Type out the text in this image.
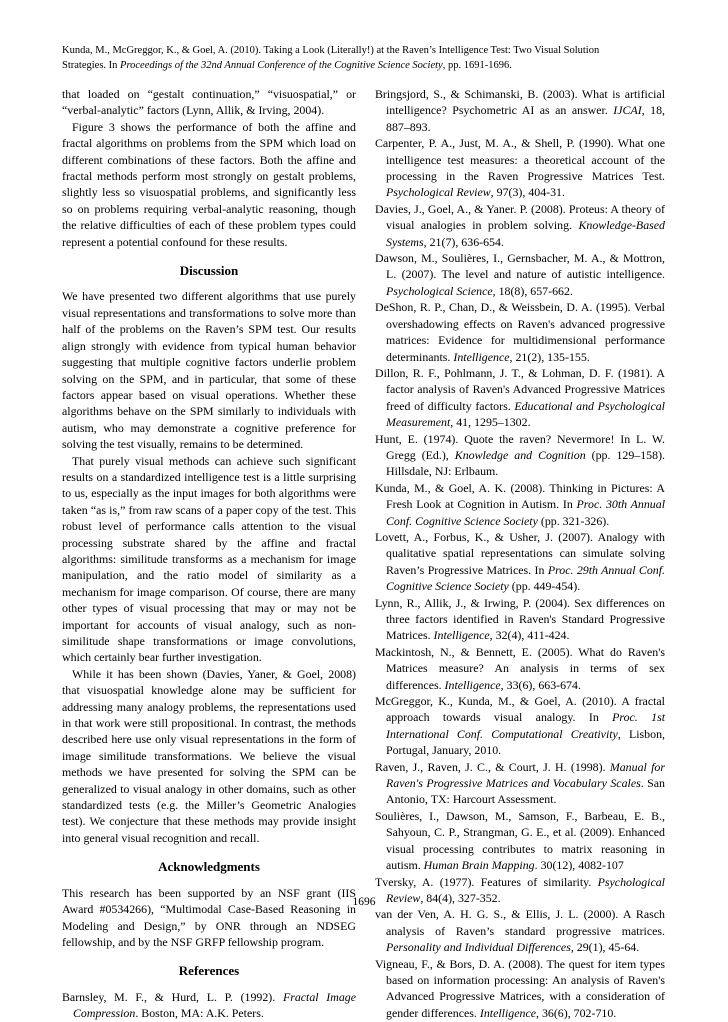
Kunda, M., McGreggor, K., & Goel, A. (2010). Taking a Look (Literally!) at the Raven’s Intelligence Test: Two Visual Solution
Strategies. In Proceedings of the 32nd Annual Conference of the Cognitive Science Society, pp. 1691-1696.

that loaded on “gestalt continuation,” “visuospatial,” or “verbal-analytic” factors (Lynn, Allik, & Irving, 2004).

Figure 3 shows the performance of both the affine and fractal algorithms on problems from the SPM which load on different combinations of these factors. Both the affine and fractal methods perform most strongly on gestalt problems, slightly less so visuospatial problems, and significantly less so on problems requiring verbal-analytic reasoning, though the relative difficulties of each of these problem types could represent a potential confound for these results.

Discussion

We have presented two different algorithms that use purely visual representations and transformations to solve more than half of the problems on the Raven’s SPM test. Our results align strongly with evidence from typical human behavior suggesting that multiple cognitive factors underlie problem solving on the SPM, and in particular, that some of these factors appear based on visual operations. Whether these algorithms behave on the SPM similarly to individuals with autism, who may demonstrate a cognitive preference for solving the test visually, remains to be determined.

That purely visual methods can achieve such significant results on a standardized intelligence test is a little surprising to us, especially as the input images for both algorithms were taken “as is,” from raw scans of a paper copy of the test. This robust level of performance calls attention to the visual processing substrate shared by the affine and fractal algorithms: similitude transforms as a mechanism for image manipulation, and the ratio model of similarity as a mechanism for image comparison. Of course, there are many other types of visual processing that may or may not be important for accounts of visual analogy, such as non-similitude shape transformations or image convolutions, which certainly bear further investigation.

While it has been shown (Davies, Yaner, & Goel, 2008) that visuospatial knowledge alone may be sufficient for addressing many analogy problems, the representations used in that work were still propositional. In contrast, the methods described here use only visual representations in the form of image similitude transformations. We believe the visual methods we have presented for solving the SPM can be generalized to visual analogy in other domains, such as other standardized tests (e.g. the Miller’s Geometric Analogies test). We conjecture that these methods may provide insight into general visual recognition and recall.

Acknowledgments

This research has been supported by an NSF grant (IIS Award #0534266), “Multimodal Case-Based Reasoning in Modeling and Design,” by ONR through an NDSEG fellowship, and by the NSF GRFP fellowship program.

References

Barnsley, M. F., & Hurd, L. P. (1992). Fractal Image Compression. Boston, MA: A.K. Peters.

Bringsjord, S., & Schimanski, B. (2003). What is artificial intelligence? Psychometric AI as an answer. IJCAI, 18, 887–893.

Carpenter, P. A., Just, M. A., & Shell, P. (1990). What one intelligence test measures: a theoretical account of the processing in the Raven Progressive Matrices Test. Psychological Review, 97(3), 404-31.

Davies, J., Goel, A., & Yaner. P. (2008). Proteus: A theory of visual analogies in problem solving. Knowledge-Based Systems, 21(7), 636-654.

Dawson, M., Soulières, I., Gernsbacher, M. A., & Mottron, L. (2007). The level and nature of autistic intelligence. Psychological Science, 18(8), 657-662.

DeShon, R. P., Chan, D., & Weissbein, D. A. (1995). Verbal overshadowing effects on Raven's advanced progressive matrices: Evidence for multidimensional performance determinants. Intelligence, 21(2), 135-155.

Dillon, R. F., Pohlmann, J. T., & Lohman, D. F. (1981). A factor analysis of Raven's Advanced Progressive Matrices freed of difficulty factors. Educational and Psychological Measurement, 41, 1295–1302.

Hunt, E. (1974). Quote the raven? Nevermore! In L. W. Gregg (Ed.), Knowledge and Cognition (pp. 129–158). Hillsdale, NJ: Erlbaum.

Kunda, M., & Goel, A. K. (2008). Thinking in Pictures: A Fresh Look at Cognition in Autism. In Proc. 30th Annual Conf. Cognitive Science Society (pp. 321-326).

Lovett, A., Forbus, K., & Usher, J. (2007). Analogy with qualitative spatial representations can simulate solving Raven’s Progressive Matrices. In Proc. 29th Annual Conf. Cognitive Science Society (pp. 449-454).

Lynn, R., Allik, J., & Irwing, P. (2004). Sex differences on three factors identified in Raven's Standard Progressive Matrices. Intelligence, 32(4), 411-424.

Mackintosh, N., & Bennett, E. (2005). What do Raven's Matrices measure? An analysis in terms of sex differences. Intelligence, 33(6), 663-674.

McGreggor, K., Kunda, M., & Goel, A. (2010). A fractal approach towards visual analogy. In Proc. 1st International Conf. Computational Creativity, Lisbon, Portugal, January, 2010.

Raven, J., Raven, J. C., & Court, J. H. (1998). Manual for Raven's Progressive Matrices and Vocabulary Scales. San Antonio, TX: Harcourt Assessment.

Soulières, I., Dawson, M., Samson, F., Barbeau, E. B., Sahyoun, C. P., Strangman, G. E., et al. (2009). Enhanced visual processing contributes to matrix reasoning in autism. Human Brain Mapping. 30(12), 4082-107

Tversky, A. (1977). Features of similarity. Psychological Review, 84(4), 327-352.

van der Ven, A. H. G. S., & Ellis, J. L. (2000). A Rasch analysis of Raven’s standard progressive matrices. Personality and Individual Differences, 29(1), 45-64.

Vigneau, F., & Bors, D. A. (2008). The quest for item types based on information processing: An analysis of Raven's Advanced Progressive Matrices, with a consideration of gender differences. Intelligence, 36(6), 702-710.

1696
